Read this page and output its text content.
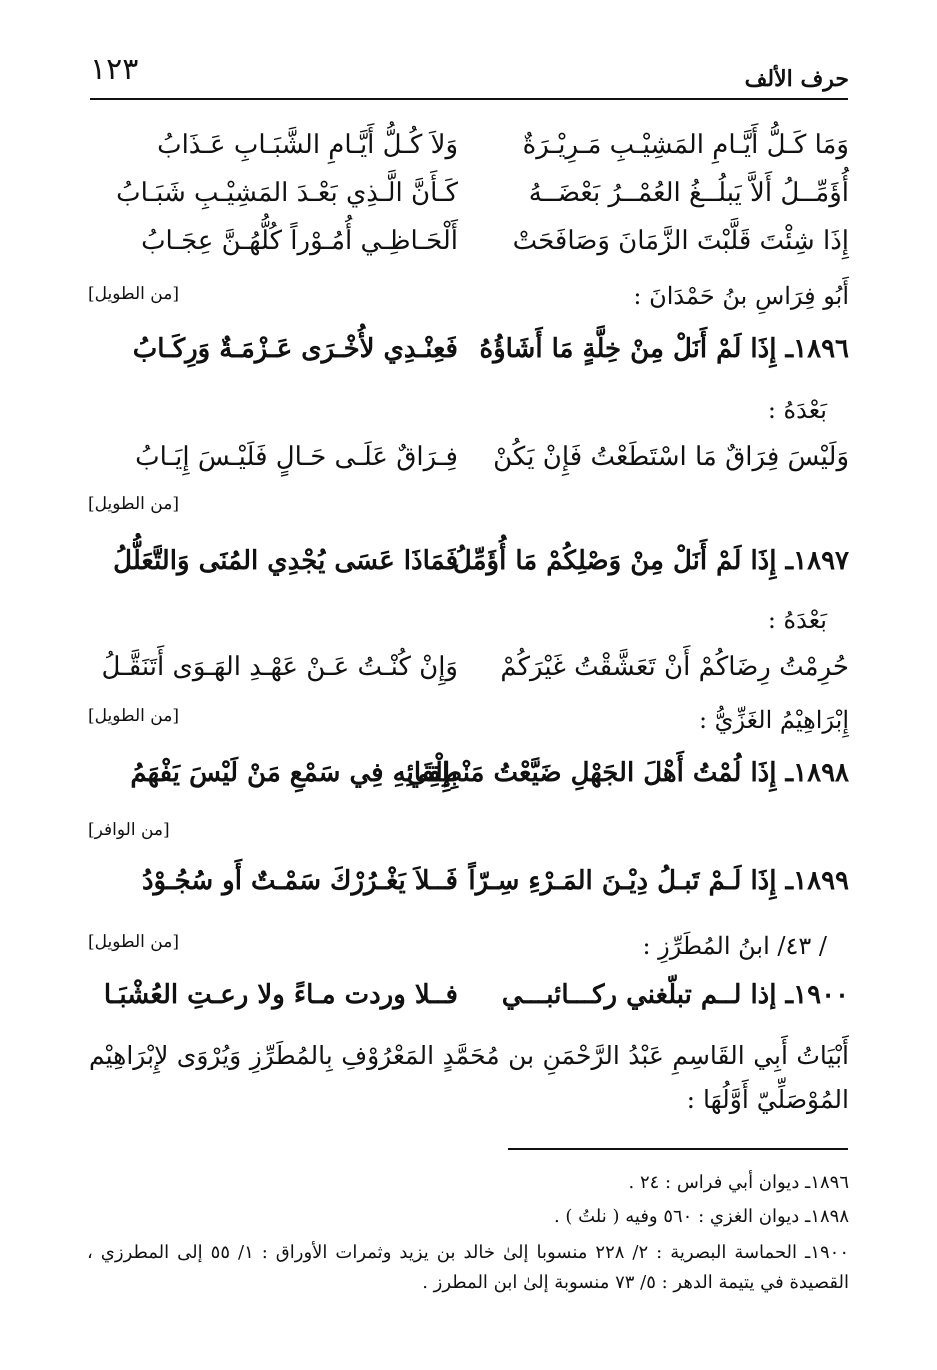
١٢٣	حرف الألف
وَمَا كَـلُّ أَيَّـامِ المَشِيْـبِ مَـرِيْـرَةٌ
وَلاَ كُـلُّ أَيَّـامِ الشَّبَـابِ عَـذَابُ
أُؤَمِّــلُ أَلاَّ يَبلُــغُ العُمْــرُ بَعْضَــهُ
كَـأَنَّ الَّـذِي بَعْـدَ المَشِيْـبِ شَبَـابُ
إِذَا شِئْتَ قَلَّبْتَ الزَّمَانَ وَصَافَحَتْ
أَلْحَـاظِـي أُمُـوْراً كُلُّهُـنَّ عِجَـابُ
أَبُو فِرَاسِ بنُ حَمْدَانَ :
[من الطويل]
١٨٩٦ـ إِذَا لَمْ أَنَلْ مِنْ خِلَّةٍ مَا أَشَاؤُهُ
فَعِنْـدِي لأُخْـرَى عَـزْمَـةٌ وَرِكَـابُ
بَعْدَهُ :
وَلَيْسَ فِرَاقٌ مَا اسْتَطَعْتُ فَإِنْ يَكُنْ
فِـرَاقٌ عَلَـى حَـالٍ فَلَيْـسَ إِيَـابُ
[من الطويل]
١٨٩٧ـ إِذَا لَمْ أَنَلْ مِنْ وَصْلِكُمْ مَا أُؤَمِّلُ
فَمَاذَا عَسَى يُجْدِي المُنَى وَالتَّعَلُّلُ
بَعْدَهُ :
حُرِمْتُ رِضَاكُمْ أَنْ تَعَشَّقْتُ غَيْرَكُمْ
وَإِنْ كُنْـتُ عَـنْ عَهْـدِ الهَـوَى أَتَنَقَّـلُ
إِبْرَاهِيْمُ الغَزِّيُّ :
[من الطويل]
١٨٩٨ـ إِذَا لُمْتُ أَهْلَ الجَهْلِ ضَيَّعْتُ مَنْطِقِي
بِإِلْقَائِهِ فِي سَمْعِ مَنْ لَيْسَ يَفْهَمُ
[من الوافر]
١٨٩٩ـ إِذَا لَـمْ تَبـلُ دِيْـنَ المَـرْءِ سِـرّاً
فَــلاَ يَغْـرُرْكَ سَمْـتٌ أَو سُجُـوْدُ
/ ٤٣/ ابنُ المُطَرِّزِ :
[من الطويل]
١٩٠٠ـ إذا لــم تبلّغني ركـــائبـــي
فــلا وردت مـاءً ولا رعـتِ العُشْبَـا
أَبْيَاتُ أَبِي القَاسِمِ عَبْدُ الرَّحْمَنِ بن مُحَمَّدٍ المَعْرُوْفِ بِالمُطَرِّزِ وَيُرْوَى لإِبْرَاهِيْم المُوْصَلِّيّ أَوَّلُهَا :
١٨٩٦ـ ديوان أبي فراس : ٢٤ .
١٨٩٨ـ ديوان الغزي : ٥٦٠ وفيه ( نلتُ ) .
١٩٠٠ـ الحماسة البصرية : ٢/ ٢٢٨ منسوبا إلىٰ خالد بن يزيد وثمرات الأوراق : ١/ ٥٥ إلى المطرزي ، القصيدة في يتيمة الدهر : ٥/ ٧٣ منسوبة إلىٰ ابن المطرز .
